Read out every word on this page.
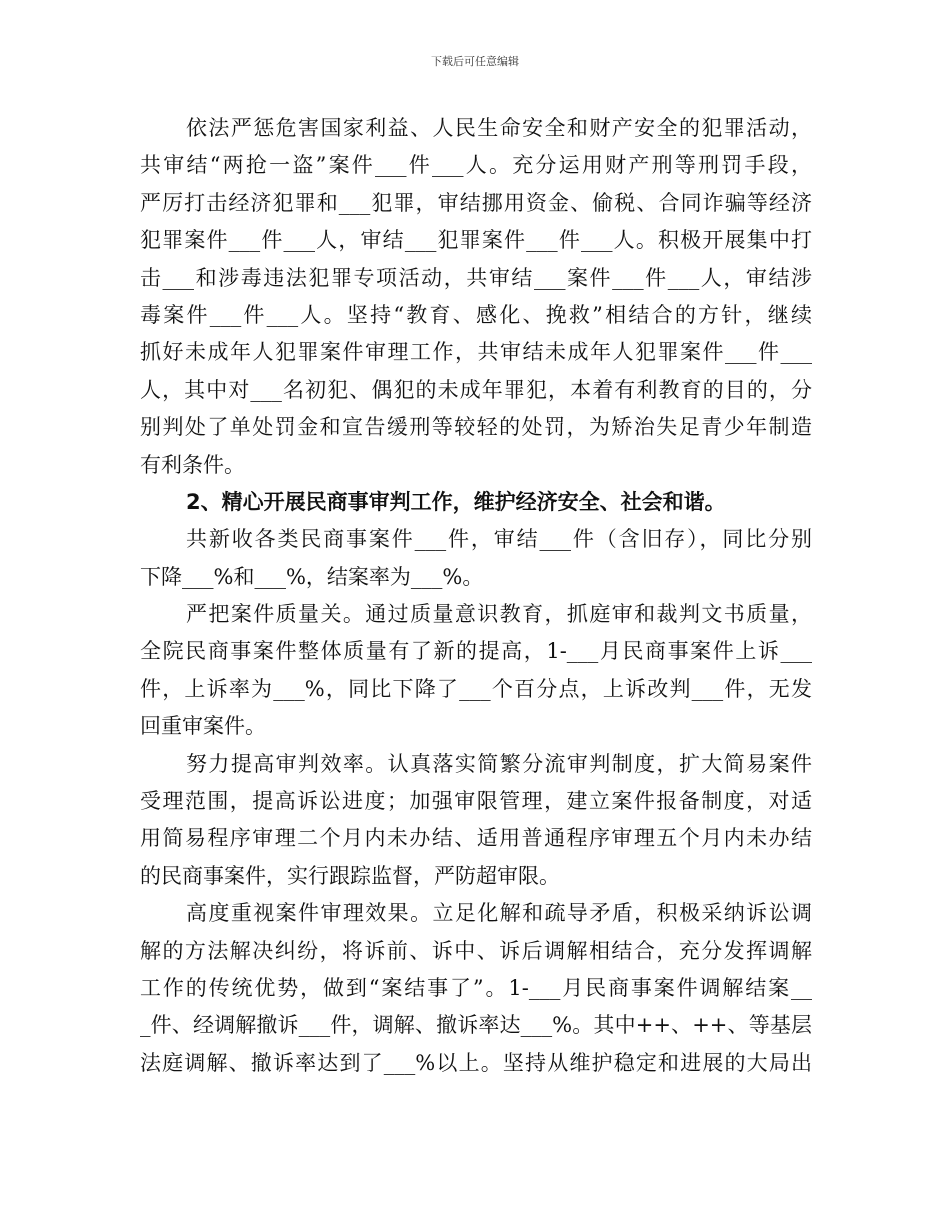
下载后可任意编辑

依法严惩危害国家利益、人民生命安全和财产安全的犯罪活动，

共审结“两抢一盗”案件___件___人。充分运用财产刑等刑罚手段，

严厉打击经济犯罪和___犯罪，审结挪用资金、偷税、合同诈骗等经济

犯罪案件___件___人，审结___犯罪案件___件___人。积极开展集中打

击___和涉毒违法犯罪专项活动，共审结___案件___件___人，审结涉

毒案件___件___人。坚持“教育、感化、挽救”相结合的方针，继续

抓好未成年人犯罪案件审理工作，共审结未成年人犯罪案件___件___

人，其中对___名初犯、偶犯的未成年罪犯，本着有利教育的目的，分

别判处了单处罚金和宣告缓刑等较轻的处罚，为矫治失足青少年制造

有利条件。

2、精心开展民商事审判工作，维护经济安全、社会和谐。

共新收各类民商事案件___件，审结___件（含旧存），同比分别

下降___%和___%，结案率为___%。

严把案件质量关。通过质量意识教育，抓庭审和裁判文书质量，

全院民商事案件整体质量有了新的提高，1-___月民商事案件上诉___

件，上诉率为___%，同比下降了___个百分点，上诉改判___件，无发

回重审案件。

努力提高审判效率。认真落实简繁分流审判制度，扩大简易案件

受理范围，提高诉讼进度；加强审限管理，建立案件报备制度，对适

用简易程序审理二个月内未办结、适用普通程序审理五个月内未办结

的民商事案件，实行跟踪监督，严防超审限。

高度重视案件审理效果。立足化解和疏导矛盾，积极采纳诉讼调

解的方法解决纠纷，将诉前、诉中、诉后调解相结合，充分发挥调解

工作的传统优势，做到“案结事了”。1-___月民商事案件调解结案__

_件、经调解撤诉___件，调解、撤诉率达___%。其中++、++、等基层

法庭调解、撤诉率达到了___%以上。坚持从维护稳定和进展的大局出
